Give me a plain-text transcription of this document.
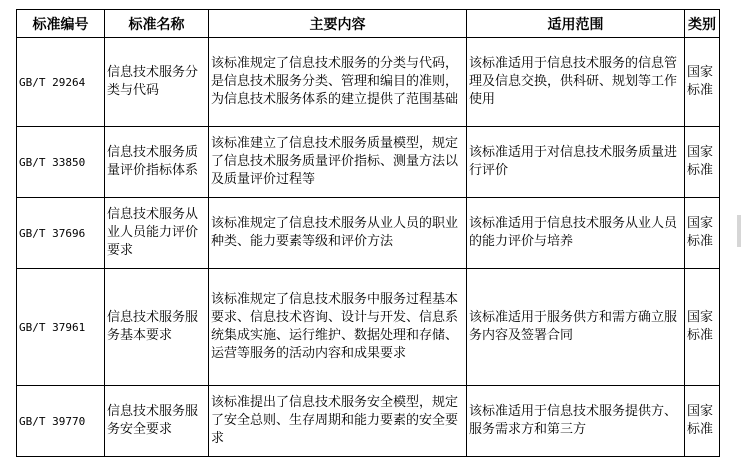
标准编号	标准名称	主要内容	适用范围	类别
GB/T 29264	信息技术服务分类与代码	该标准规定了信息技术服务的分类与代码，是信息技术服务分类、管理和编目的准则，为信息技术服务体系的建立提供了范围基础	该标准适用于信息技术服务的信息管理及信息交换，供科研、规划等工作使用	国家标准
GB/T 33850	信息技术服务质量评价指标体系	该标准建立了信息技术服务质量模型，规定了信息技术服务质量评价指标、测量方法以及质量评价过程等	该标准适用于对信息技术服务质量进行评价	国家标准
GB/T 37696	信息技术服务从业人员能力评价要求	该标准规定了信息技术服务从业人员的职业种类、能力要素等级和评价方法	该标准适用于信息技术服务从业人员的能力评价与培养	国家标准
GB/T 37961	信息技术服务服务基本要求	该标准规定了信息技术服务中服务过程基本要求、信息技术咨询、设计与开发、信息系统集成实施、运行维护、数据处理和存储、运营等服务的活动内容和成果要求	该标准适用于服务供方和需方确立服务内容及签署合同	国家标准
GB/T 39770	信息技术服务服务安全要求	该标准提出了信息技术服务安全模型，规定了安全总则、生存周期和能力要素的安全要求	该标准适用于信息技术服务提供方、服务需求方和第三方	国家标准
